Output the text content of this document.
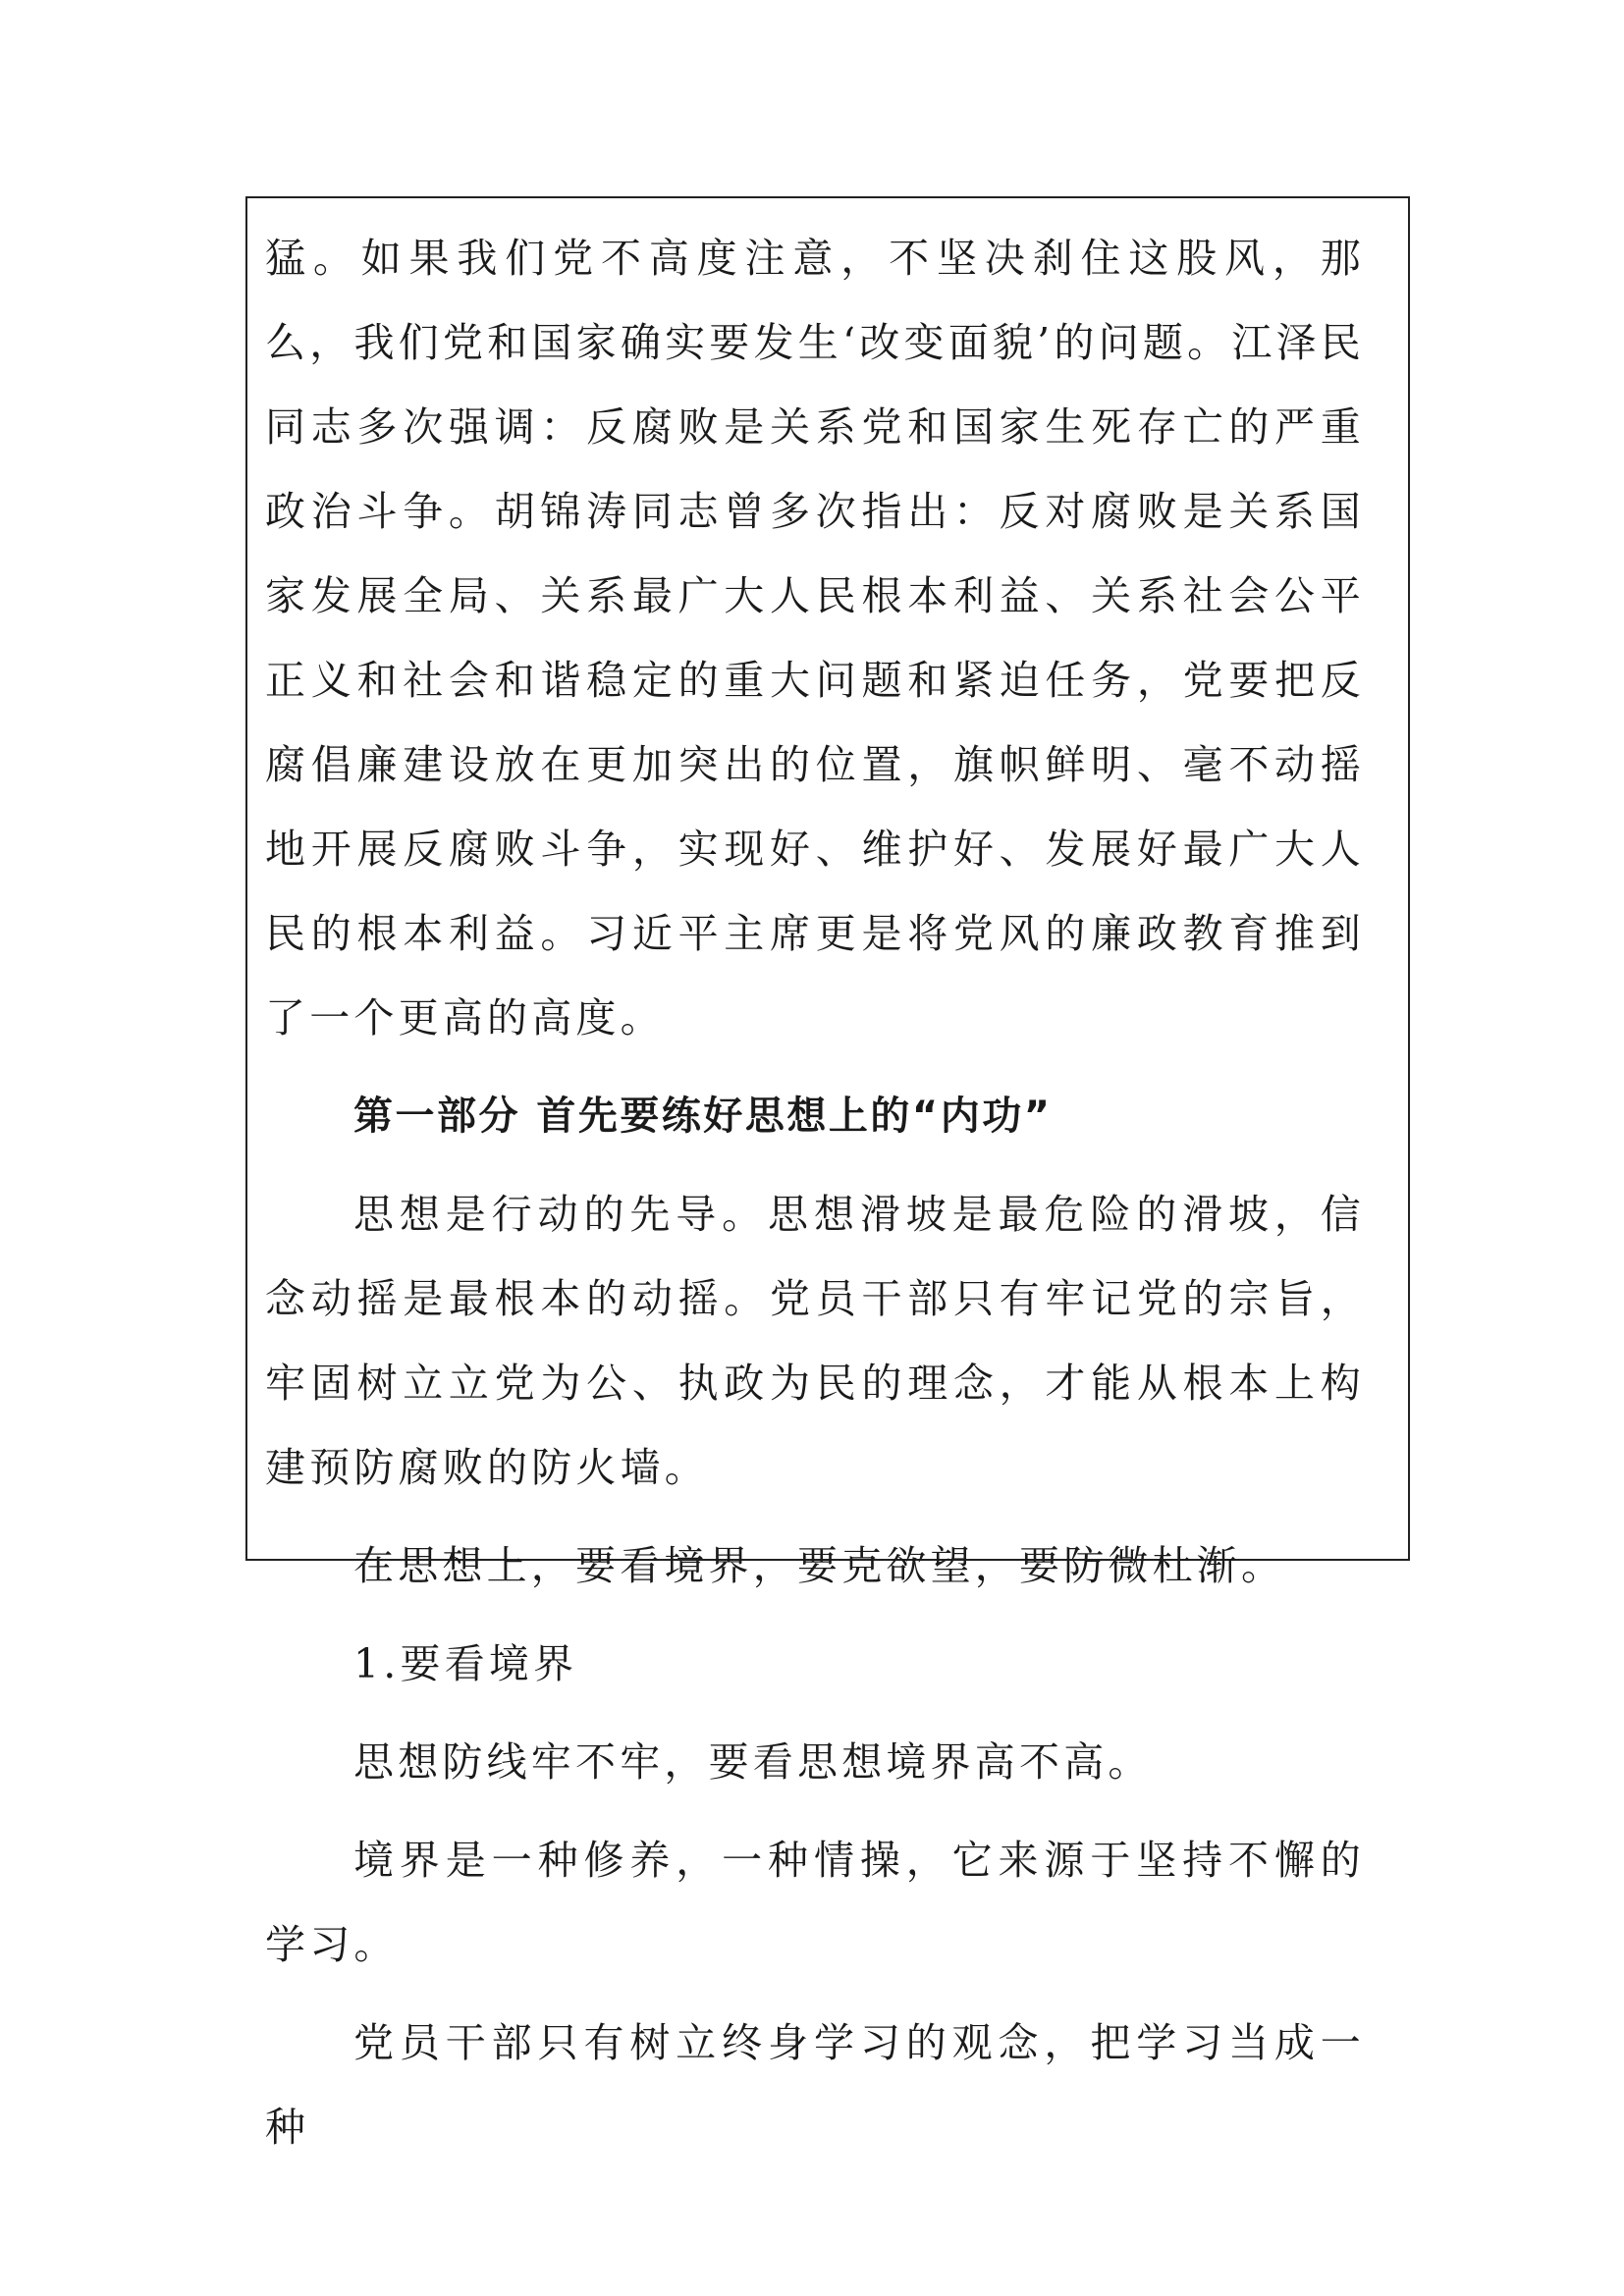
猛。如果我们党不高度注意，不坚决刹住这股风，那么，我们党和国家确实要发生‘改变面貌’的问题。江泽民同志多次强调：反腐败是关系党和国家生死存亡的严重政治斗争。胡锦涛同志曾多次指出：反对腐败是关系国家发展全局、关系最广大人民根本利益、关系社会公平正义和社会和谐稳定的重大问题和紧迫任务，党要把反腐倡廉建设放在更加突出的位置，旗帜鲜明、毫不动摇地开展反腐败斗争，实现好、维护好、发展好最广大人民的根本利益。习近平主席更是将党风的廉政教育推到了一个更高的高度。

第一部分 首先要练好思想上的“内功”

思想是行动的先导。思想滑坡是最危险的滑坡，信念动摇是最根本的动摇。党员干部只有牢记党的宗旨，牢固树立立党为公、执政为民的理念，才能从根本上构建预防腐败的防火墙。

在思想上，要看境界，要克欲望，要防微杜渐。

1.要看境界

思想防线牢不牢，要看思想境界高不高。

境界是一种修养，一种情操，它来源于坚持不懈的学习。

党员干部只有树立终身学习的观念，把学习当成一种
